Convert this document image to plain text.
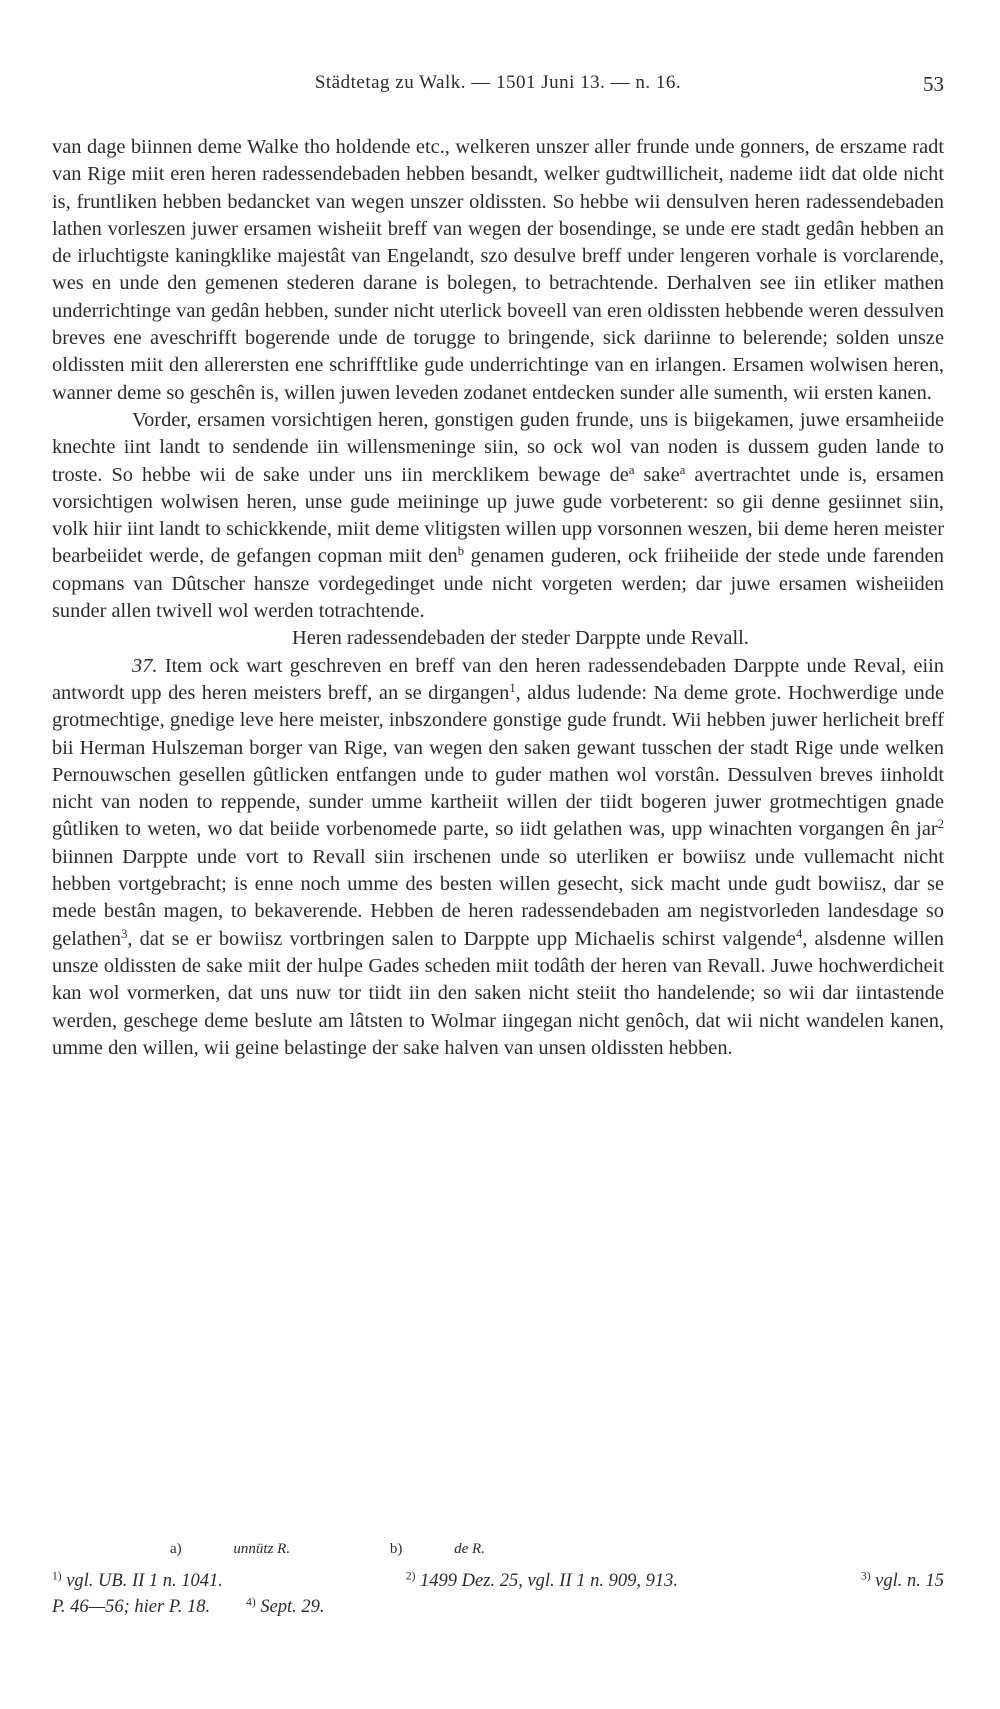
Städtetag zu Walk. — 1501 Juni 13. — n. 16.	53

van dage biinnen deme Walke tho holdende etc., welkeren unszer aller frunde unde gonners, de erszame radt van Rige miit eren heren radessendebaden hebben besandt, welker gudtwillicheit, nademe iidt dat olde nicht is, fruntliken hebben bedancket van wegen unszer oldissten. So hebbe wii densulven heren radessendebaden lathen vorleszen juwer ersamen wisheiit breff van wegen der bosendinge, se unde ere stadt gedân hebben an de irluchtigste kaningklike majestât van Engelandt, szo desulve breff under lengeren vorhale is vorclarende, wes en unde den gemenen stederen darane is bolegen, to betrachtende. Derhalven see iin etliker mathen underrichtinge van gedân hebben, sunder nicht uterlick boveell van eren oldissten hebbende weren dessulven breves ene aveschrifft bogerende unde de torugge to bringende, sick dariinne to belerende; solden unsze oldissten miit den allerersten ene schrifftlike gude underrichtinge van en irlangen. Ersamen wolwisen heren, wanner deme so geschên is, willen juwen leveden zodanet entdecken sunder alle sumenth, wii ersten kanen.

Vorder, ersamen vorsichtigen heren, gonstigen guden frunde, uns is biigekamen, juwe ersamheiide knechte iint landt to sendende iin willensmeninge siin, so ock wol van noden is dussem guden lande to troste. So hebbe wii de sake under uns iin mercklikem bewage $de^a$ sake$^a$ avertrachtet unde is, ersamen vorsichtigen wolwisen heren, unse gude meiininge up juwe gude vorbeterent: so gii denne gesiinnet siin, volk hiir iint landt to schickkende, miit deme vlitigsten willen upp vorsonnen weszen, bii deme heren meister bearbeiidet werde, de gefangen copman miit den$^b$ genamen guderen, ock friiheiide der stede unde farenden copmans van Dûtscher hansze vordegedinget unde nicht vorgeten werden; dar juwe ersamen wisheiiden sunder allen twivell wol werden totrachtende.

Heren radessendebaden der steder Darppte unde Revall.

37. Item ock wart geschreven en breff van den heren radessendebaden Darppte unde Reval, eiin antwordt upp des heren meisters breff, an se dirgangen$^1$, aldus ludende: Na deme grote. Hochwerdige unde grotmechtige, gnedige leve here meister, inbszondere gonstige gude frundt. Wii hebben juwer herlicheit breff bii Herman Hulszeman borger van Rige, van wegen den saken gewant tusschen der stadt Rige unde welken Pernouwschen gesellen gûtlicken entfangen unde to guder mathen wol vorstân. Dessulven breves iinholdt nicht van noden to reppende, sunder umme kartheiit willen der tiidt bogeren juwer grotmechtigen gnade gûtliken to weten, wo dat beiide vorbenomede parte, so iidt gelathen was, upp winachten vorgangen ên jar$^2$ biinnen Darppte unde vort to Revall siin irschenen unde so uterliken er bowiisz unde vullemacht nicht hebben vortgebracht; is enne noch umme des besten willen gesecht, sick macht unde gudt bowiisz, dar se mede bestân magen, to bekaverende. Hebben de heren radessendebaden am negistvorleden landesdage so gelathen$^3$, dat se er bowiisz vortbringen salen to Darppte upp Michaelis schirst valgende$^4$, alsdenne willen unsze oldissten de sake miit der hulpe Gades scheden miit todâth der heren van Revall. Juwe hochwerdicheit kan wol vormerken, dat uns nuw tor tiidt iin den saken nicht steiit tho handelende; so wii dar iintastende werden, geschege deme beslute am lâtsten to Wolmar iingegan nicht genôch, dat wii nicht wandelen kanen, umme den willen, wii geine belastinge der sake halven van unsen oldissten hebben.

a)	unnütz R.	b)	de R.
$^{1)}$ vgl. UB. II 1 n. 1041.	$^{2)}$ 1499 Dez. 25, vgl. II 1 n. 909, 913.	$^{3)}$ vgl. n. 15
P. 46—56; hier P. 18.	$^{4)}$ Sept. 29.
